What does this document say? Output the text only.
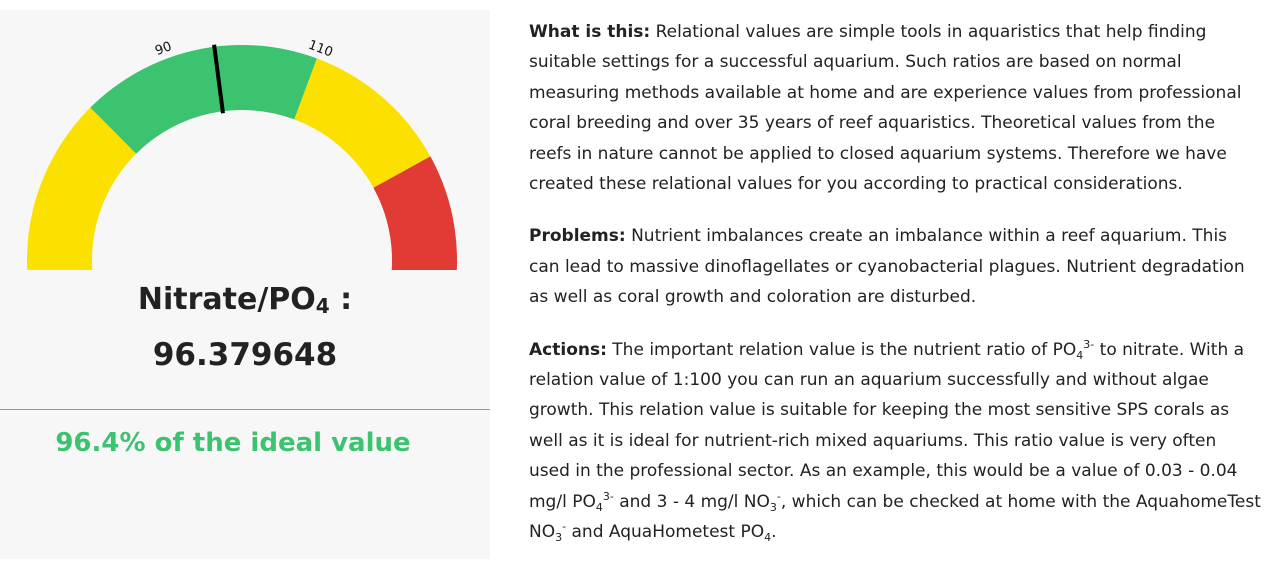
90	110
Nitrate/$PO_4$ :
96.379648
96.4% of the ideal value

What is this: Relational values are simple tools in aquaristics that help finding suitable settings for a successful aquarium. Such ratios are based on normal measuring methods available at home and are experience values from professional coral breeding and over 35 years of reef aquaristics. Theoretical values from the reefs in nature cannot be applied to closed aquarium systems. Therefore we have created these relational values for you according to practical considerations.

Problems: Nutrient imbalances create an imbalance within a reef aquarium. This can lead to massive dinoflagellates or cyanobacterial plagues. Nutrient degradation as well as coral growth and coloration are disturbed.

Actions: The important relation value is the nutrient ratio of $PO_4^{3-}$ to nitrate. With a relation value of 1:100 you can run an aquarium successfully and without algae growth. This relation value is suitable for keeping the most sensitive SPS corals as well as it is ideal for nutrient-rich mixed aquariums. This ratio value is very often used in the professional sector. As an example, this would be a value of 0.03 - 0.04 mg/l $PO_4^{3-}$ and 3 - 4 mg/l $NO_3^-$, which can be checked at home with the AquahomeTest $NO_3^-$ and AquaHometest $PO_4$.
